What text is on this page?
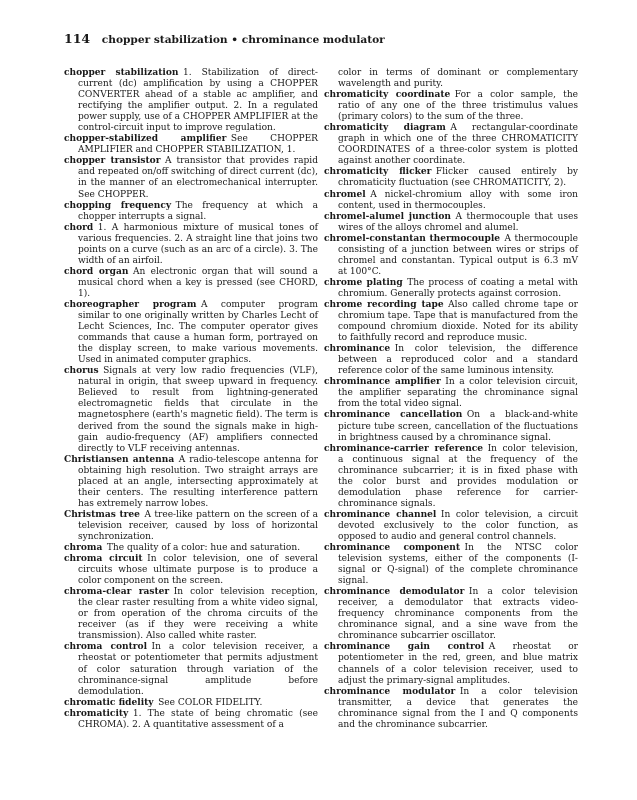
114 chopper stabilization • chrominance modulator

chopper stabilization  1. Stabilization of direct-current (dc) amplification by using a CHOPPER CONVERTER ahead of a stable ac amplifier, and rectifying the amplifier output. 2. In a regulated power supply, use of a CHOPPER AMPLIFIER at the control-circuit input to improve regulation.

chopper-stabilized amplifier  See CHOPPER AMPLIFIER and CHOPPER STABILIZATION, 1.

chopper transistor  A transistor that provides rapid and repeated on/off switching of direct current (dc), in the manner of an electromechanical interrupter. See CHOPPER.

chopping frequency  The frequency at which a chopper interrupts a signal.

chord  1. A harmonious mixture of musical tones of various frequencies. 2. A straight line that joins two points on a curve (such as an arc of a circle). 3. The width of an airfoil.

chord organ  An electronic organ that will sound a musical chord when a key is pressed (see CHORD, 1).

choreographer program  A computer program similar to one originally written by Charles Lecht of Lecht Sciences, Inc. The computer operator gives commands that cause a human form, portrayed on the display screen, to make various movements. Used in animated computer graphics.

chorus  Signals at very low radio frequencies (VLF), natural in origin, that sweep upward in frequency. Believed to result from lightning-generated electromagnetic fields that circulate in the magnetosphere (earth's magnetic field). The term is derived from the sound the signals make in high-gain audio-frequency (AF) amplifiers connected directly to VLF receiving antennas.

Christiansen antenna  A radio-telescope antenna for obtaining high resolution. Two straight arrays are placed at an angle, intersecting approximately at their centers. The resulting interference pattern has extremely narrow lobes.

Christmas tree  A tree-like pattern on the screen of a television receiver, caused by loss of horizontal synchronization.

chroma  The quality of a color: hue and saturation.

chroma circuit  In color television, one of several circuits whose ultimate purpose is to produce a color component on the screen.

chroma-clear raster  In color television reception, the clear raster resulting from a white video signal, or from operation of the chroma circuits of the receiver (as if they were receiving a white transmission). Also called white raster.

chroma control  In a color television receiver, a rheostat or potentiometer that permits adjustment of color saturation through variation of the chrominance-signal amplitude before demodulation.

chromatic fidelity  See COLOR FIDELITY.

chromaticity  1. The state of being chromatic (see CHROMA). 2. A quantitative assessment of a

color in terms of dominant or complementary wavelength and purity.

chromaticity coordinate  For a color sample, the ratio of any one of the three tristimulus values (primary colors) to the sum of the three.

chromaticity diagram  A rectangular-coordinate graph in which one of the three CHROMATICITY COORDINATES of a three-color system is plotted against another coordinate.

chromaticity flicker  Flicker caused entirely by chromaticity fluctuation (see CHROMATICITY, 2).

chromel  A nickel-chromium alloy with some iron content, used in thermocouples.

chromel-alumel junction  A thermocouple that uses wires of the alloys chromel and alumel.

chromel-constantan thermocouple  A thermocouple consisting of a junction between wires or strips of chromel and constantan. Typical output is 6.3 mV at 100°C.

chrome plating  The process of coating a metal with chromium. Generally protects against corrosion.

chrome recording tape  Also called chrome tape or chromium tape. Tape that is manufactured from the compound chromium dioxide. Noted for its ability to faithfully record and reproduce music.

chrominance  In color television, the difference between a reproduced color and a standard reference color of the same luminous intensity.

chrominance amplifier  In a color television circuit, the amplifier separating the chrominance signal from the total video signal.

chrominance cancellation  On a black-and-white picture tube screen, cancellation of the fluctuations in brightness caused by a chrominance signal.

chrominance-carrier reference  In color television, a continuous signal at the frequency of the chrominance subcarrier; it is in fixed phase with the color burst and provides modulation or demodulation phase reference for carrier-chrominance signals.

chrominance channel  In color television, a circuit devoted exclusively to the color function, as opposed to audio and general control channels.

chrominance component  In the NTSC color television systems, either of the components (I-signal or Q-signal) of the complete chrominance signal.

chrominance demodulator  In a color television receiver, a demodulator that extracts video-frequency chrominance components from the chrominance signal, and a sine wave from the chrominance subcarrier oscillator.

chrominance gain control  A rheostat or potentiometer in the red, green, and blue matrix channels of a color television receiver, used to adjust the primary-signal amplitudes.

chrominance modulator  In a color television transmitter, a device that generates the chrominance signal from the I and Q components and the chrominance subcarrier.
